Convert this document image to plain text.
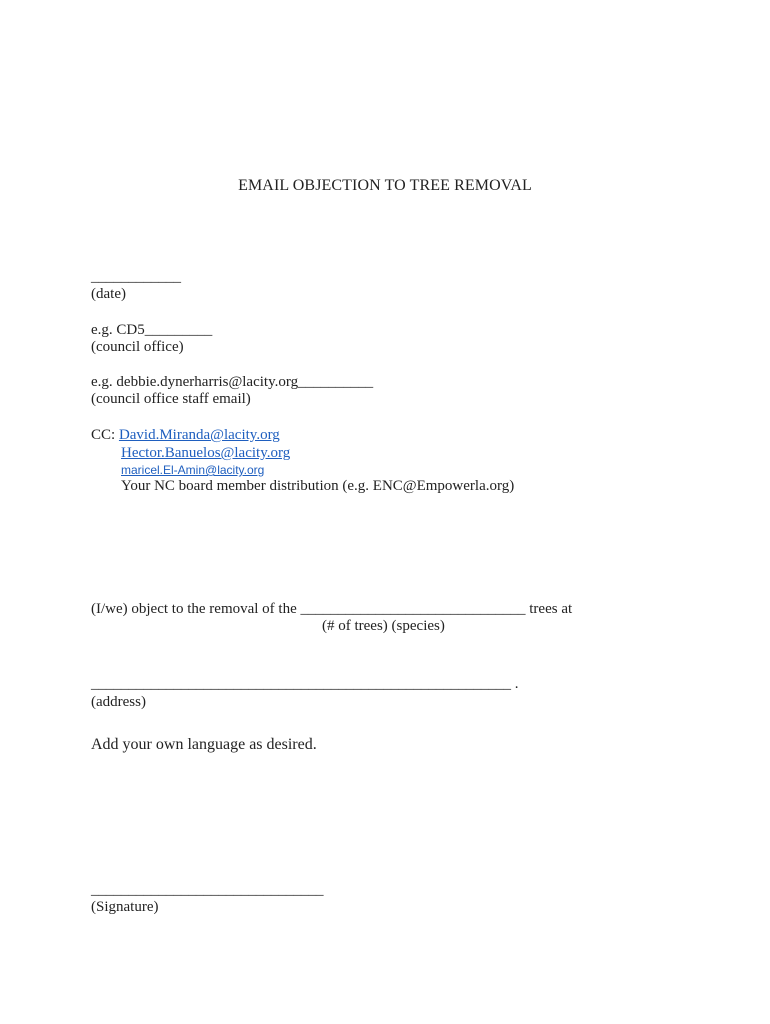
EMAIL OBJECTION TO TREE REMOVAL
____________
(date)
e.g. CD5_________
(council office)
e.g. debbie.dynerharris@lacity.org__________
(council office staff email)
CC: David.Miranda@lacity.org
Hector.Banuelos@lacity.org
maricel.El-Amin@lacity.org
Your NC board member distribution (e.g. ENC@Empowerla.org)
(I/we) object to the removal of the ______________________________ trees at
(# of trees) (species)
________________________________________________________ .
(address)
Add your own language as desired.
_______________________________
(Signature)
